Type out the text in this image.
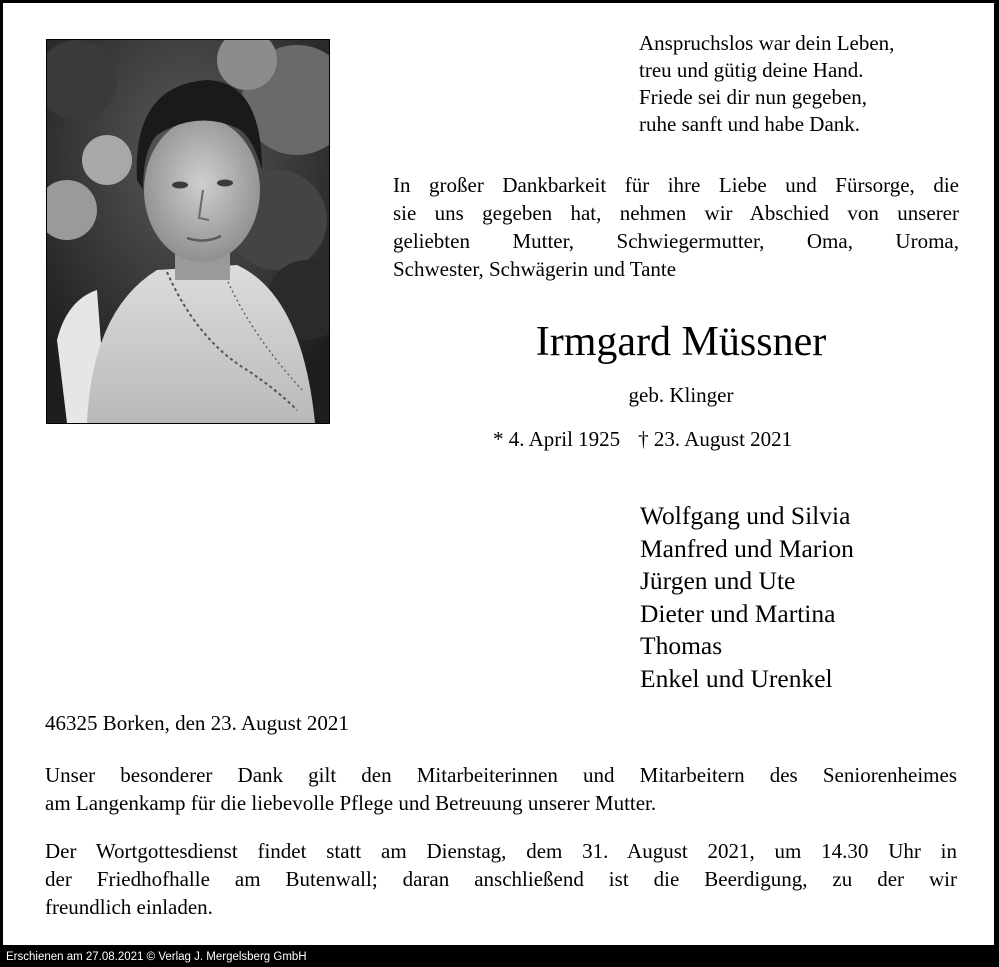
Anspruchslos war dein Leben,
treu und gütig deine Hand.
Friede sei dir nun gegeben,
ruhe sanft und habe Dank.
In großer Dankbarkeit für ihre Liebe und Fürsorge, die
sie uns gegeben hat, nehmen wir Abschied von unserer
geliebten Mutter, Schwiegermutter, Oma, Uroma,
Schwester, Schwägerin und Tante
Irmgard Müssner
geb. Klinger
* 4. April 1925 † 23. August 2021
Wolfgang und Silvia
Manfred und Marion
Jürgen und Ute
Dieter und Martina
Thomas
Enkel und Urenkel
46325 Borken, den 23. August 2021
Unser besonderer Dank gilt den Mitarbeiterinnen und Mitarbeitern des Seniorenheimes
am Langenkamp für die liebevolle Pflege und Betreuung unserer Mutter.
Der Wortgottesdienst findet statt am Dienstag, dem 31. August 2021, um 14.30 Uhr in
der Friedhofhalle am Butenwall; daran anschließend ist die Beerdigung, zu der wir
freundlich einladen.
Erschienen am 27.08.2021 © Verlag J. Mergelsberg GmbH
